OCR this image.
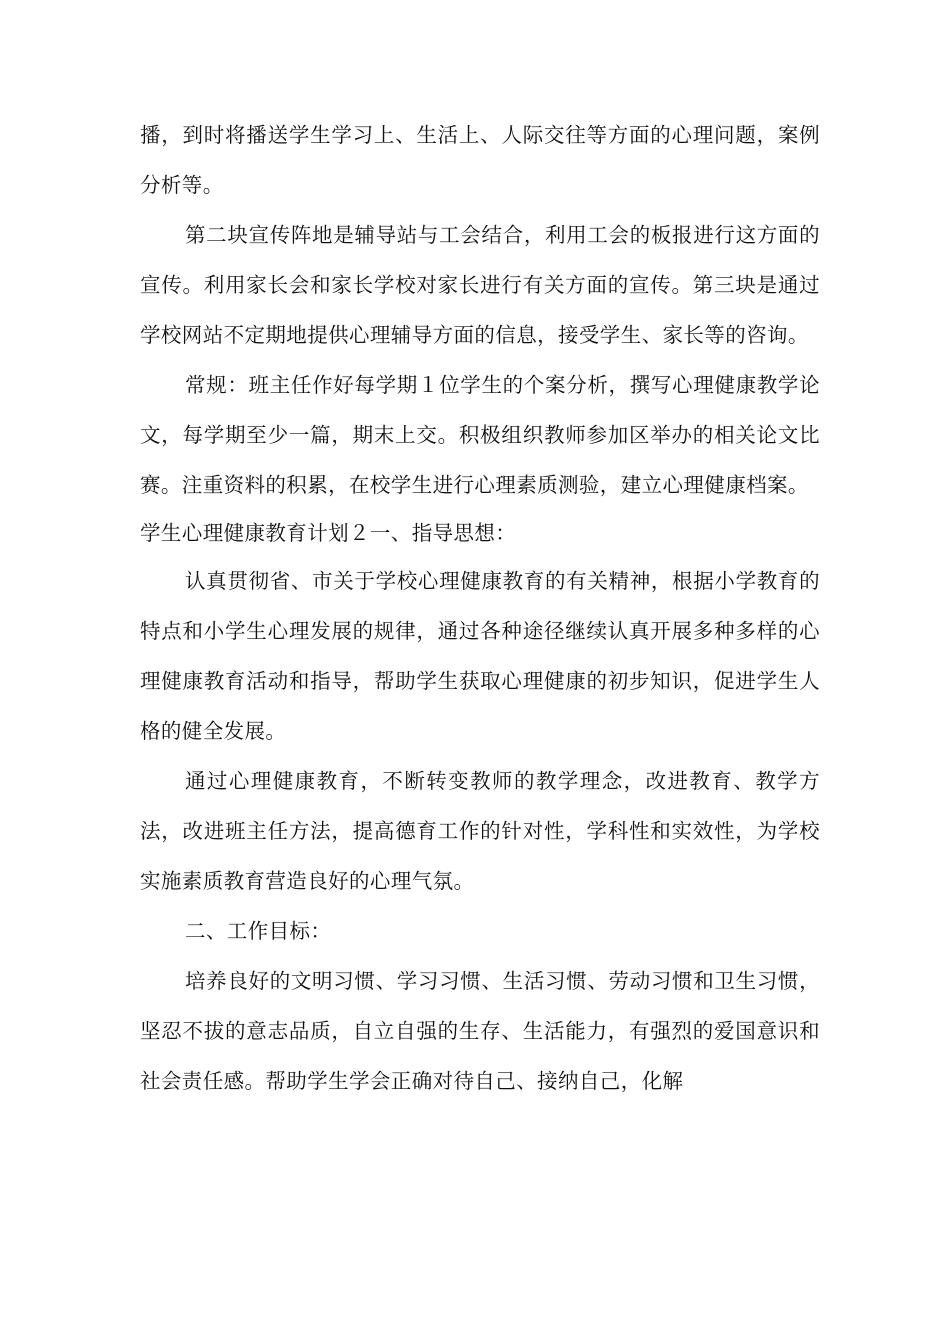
播，到时将播送学生学习上、生活上、人际交往等方面的心理问题，案例分析等。

第二块宣传阵地是辅导站与工会结合，利用工会的板报进行这方面的宣传。利用家长会和家长学校对家长进行有关方面的宣传。第三块是通过学校网站不定期地提供心理辅导方面的信息，接受学生、家长等的咨询。

常规：班主任作好每学期１位学生的个案分析，撰写心理健康教学论文，每学期至少一篇，期末上交。积极组织教师参加区举办的相关论文比赛。注重资料的积累，在校学生进行心理素质测验，建立心理健康档案。

学生心理健康教育计划２一、指导思想：

认真贯彻省、市关于学校心理健康教育的有关精神，根据小学教育的特点和小学生心理发展的规律，通过各种途径继续认真开展多种多样的心理健康教育活动和指导，帮助学生获取心理健康的初步知识，促进学生人格的健全发展。

通过心理健康教育，不断转变教师的教学理念，改进教育、教学方法，改进班主任方法，提高德育工作的针对性，学科性和实效性，为学校实施素质教育营造良好的心理气氛。

二、工作目标：

培养良好的文明习惯、学习习惯、生活习惯、劳动习惯和卫生习惯，坚忍不拔的意志品质，自立自强的生存、生活能力，有强烈的爱国意识和社会责任感。帮助学生学会正确对待自己、接纳自己，化解
